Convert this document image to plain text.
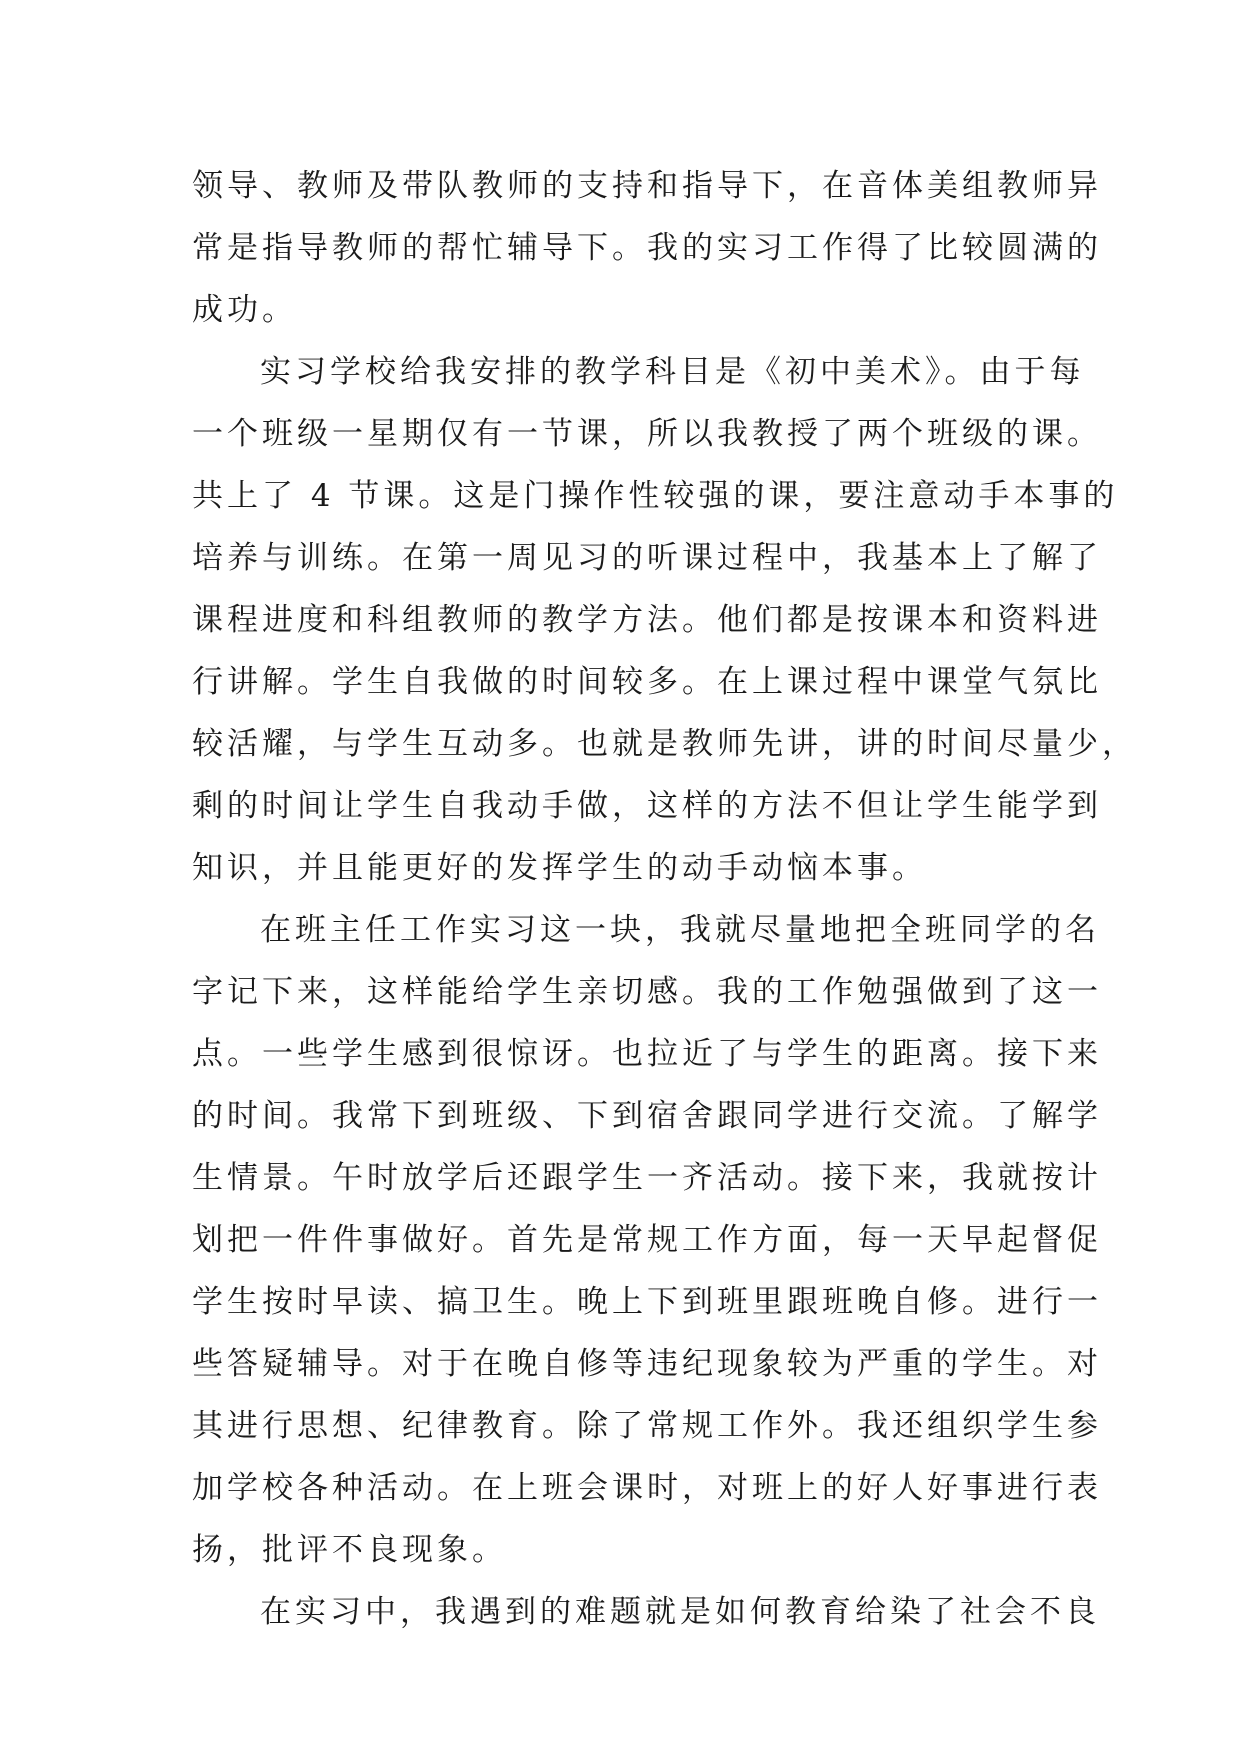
领导、教师及带队教师的支持和指导下，在音体美组教师异
常是指导教师的帮忙辅导下。我的实习工作得了比较圆满的
成功。
实习学校给我安排的教学科目是《初中美术》。由于每
一个班级一星期仅有一节课，所以我教授了两个班级的课。
共上了 4 节课。这是门操作性较强的课，要注意动手本事的
培养与训练。在第一周见习的听课过程中，我基本上了解了
课程进度和科组教师的教学方法。他们都是按课本和资料进
行讲解。学生自我做的时间较多。在上课过程中课堂气氛比
较活耀，与学生互动多。也就是教师先讲，讲的时间尽量少，
剩的时间让学生自我动手做，这样的方法不但让学生能学到
知识，并且能更好的发挥学生的动手动恼本事。
在班主任工作实习这一块，我就尽量地把全班同学的名
字记下来，这样能给学生亲切感。我的工作勉强做到了这一
点。一些学生感到很惊讶。也拉近了与学生的距离。接下来
的时间。我常下到班级、下到宿舍跟同学进行交流。了解学
生情景。午时放学后还跟学生一齐活动。接下来，我就按计
划把一件件事做好。首先是常规工作方面，每一天早起督促
学生按时早读、搞卫生。晚上下到班里跟班晚自修。进行一
些答疑辅导。对于在晚自修等违纪现象较为严重的学生。对
其进行思想、纪律教育。除了常规工作外。我还组织学生参
加学校各种活动。在上班会课时，对班上的好人好事进行表
扬，批评不良现象。
在实习中，我遇到的难题就是如何教育给染了社会不良
